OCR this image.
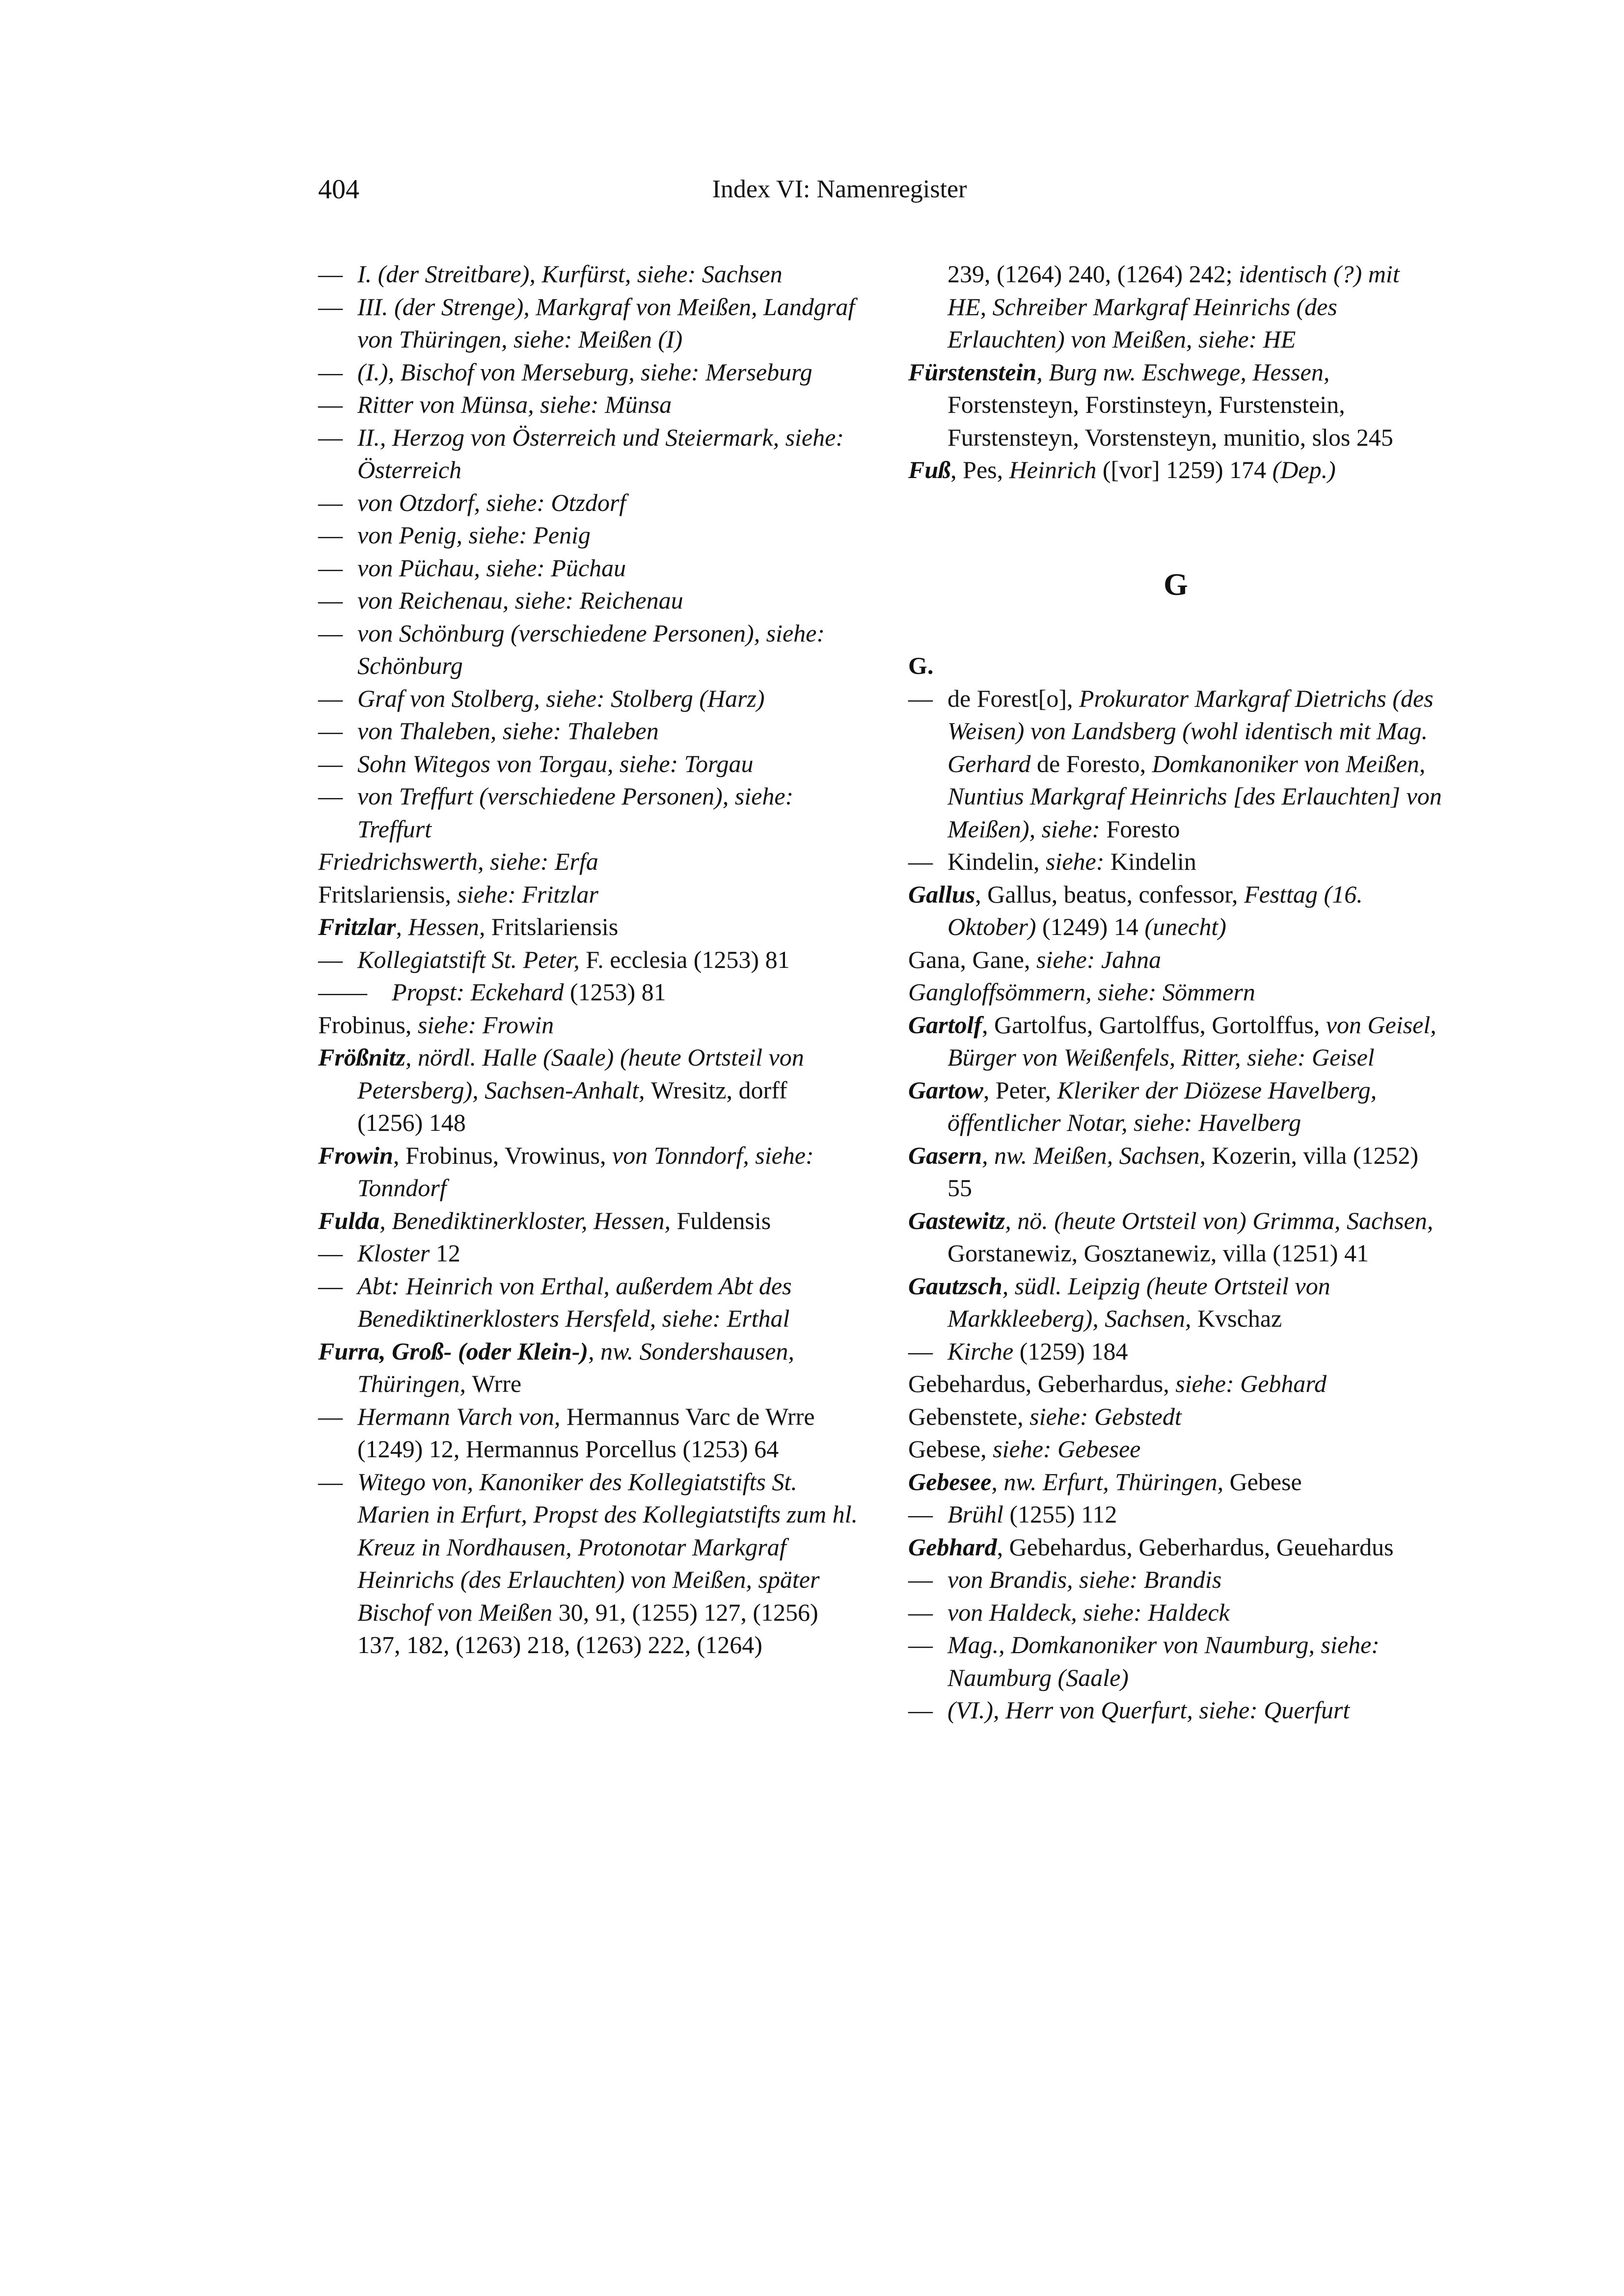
404	Index VI: Namenregister
— I. (der Streitbare), Kurfürst, siehe: Sachsen
— III. (der Strenge), Markgraf von Meißen, Landgraf von Thüringen, siehe: Meißen (I)
— (I.), Bischof von Merseburg, siehe: Merseburg
— Ritter von Münsa, siehe: Münsa
— II., Herzog von Österreich und Steiermark, siehe: Österreich
— von Otzdorf, siehe: Otzdorf
— von Penig, siehe: Penig
— von Püchau, siehe: Püchau
— von Reichenau, siehe: Reichenau
— von Schönburg (verschiedene Personen), siehe: Schönburg
— Graf von Stolberg, siehe: Stolberg (Harz)
— von Thaleben, siehe: Thaleben
— Sohn Witegos von Torgau, siehe: Torgau
— von Treffurt (verschiedene Personen), siehe: Treffurt
Friedrichswerth, siehe: Erfa
Fritslariensis, siehe: Fritzlar
Fritzlar, Hessen, Fritslariensis
— Kollegiatstift St. Peter, F. ecclesia (1253) 81
——	Propst: Eckehard (1253) 81
Frobinus, siehe: Frowin
Frößnitz, nördl. Halle (Saale) (heute Ortsteil von Petersberg), Sachsen-Anhalt, Wresitz, dorff (1256) 148
Frowin, Frobinus, Vrowinus, von Tonndorf, siehe: Tonndorf
Fulda, Benediktinerkloster, Hessen, Fuldensis
— Kloster 12
— Abt: Heinrich von Erthal, außerdem Abt des Benediktinerklosters Hersfeld, siehe: Erthal
Furra, Groß- (oder Klein-), nw. Sondershausen, Thüringen, Wrre
— Hermann Varch von, Hermannus Varc de Wrre (1249) 12, Hermannus Porcellus (1253) 64
— Witego von, Kanoniker des Kollegiatstifts St. Marien in Erfurt, Propst des Kollegiatstifts zum hl. Kreuz in Nordhausen, Protonotar Markgraf Heinrichs (des Erlauchten) von Meißen, später Bischof von Meißen 30, 91, (1255) 127, (1256) 137, 182, (1263) 218, (1263) 222, (1264)
239, (1264) 240, (1264) 242; identisch (?) mit HE, Schreiber Markgraf Heinrichs (des Erlauchten) von Meißen, siehe: HE
Fürstenstein, Burg nw. Eschwege, Hessen, Forstensteyn, Forstinsteyn, Furstenstein, Furstensteyn, Vorstensteyn, munitio, slos 245
Fuß, Pes, Heinrich ([vor] 1259) 174 (Dep.)
G
G.
— de Forest[o], Prokurator Markgraf Dietrichs (des Weisen) von Landsberg (wohl identisch mit Mag. Gerhard de Foresto, Domkanoniker von Meißen, Nuntius Markgraf Heinrichs [des Erlauchten] von Meißen), siehe: Foresto
— Kindelin, siehe: Kindelin
Gallus, Gallus, beatus, confessor, Festtag (16. Oktober) (1249) 14 (unecht)
Gana, Gane, siehe: Jahna
Gangloffsömmern, siehe: Sömmern
Gartolf, Gartolfus, Gartolffus, Gortolffus, von Geisel, Bürger von Weißenfels, Ritter, siehe: Geisel
Gartow, Peter, Kleriker der Diözese Havelberg, öffentlicher Notar, siehe: Havelberg
Gasern, nw. Meißen, Sachsen, Kozerin, villa (1252) 55
Gastewitz, nö. (heute Ortsteil von) Grimma, Sachsen, Gorstanewiz, Gosztanewiz, villa (1251) 41
Gautzsch, südl. Leipzig (heute Ortsteil von Markkleeberg), Sachsen, Kvschaz
— Kirche (1259) 184
Gebehardus, Geberhardus, siehe: Gebhard
Gebenstete, siehe: Gebstedt
Gebese, siehe: Gebesee
Gebesee, nw. Erfurt, Thüringen, Gebese
— Brühl (1255) 112
Gebhard, Gebehardus, Geberhardus, Geuehardus
— von Brandis, siehe: Brandis
— von Haldeck, siehe: Haldeck
— Mag., Domkanoniker von Naumburg, siehe: Naumburg (Saale)
— (VI.), Herr von Querfurt, siehe: Querfurt
